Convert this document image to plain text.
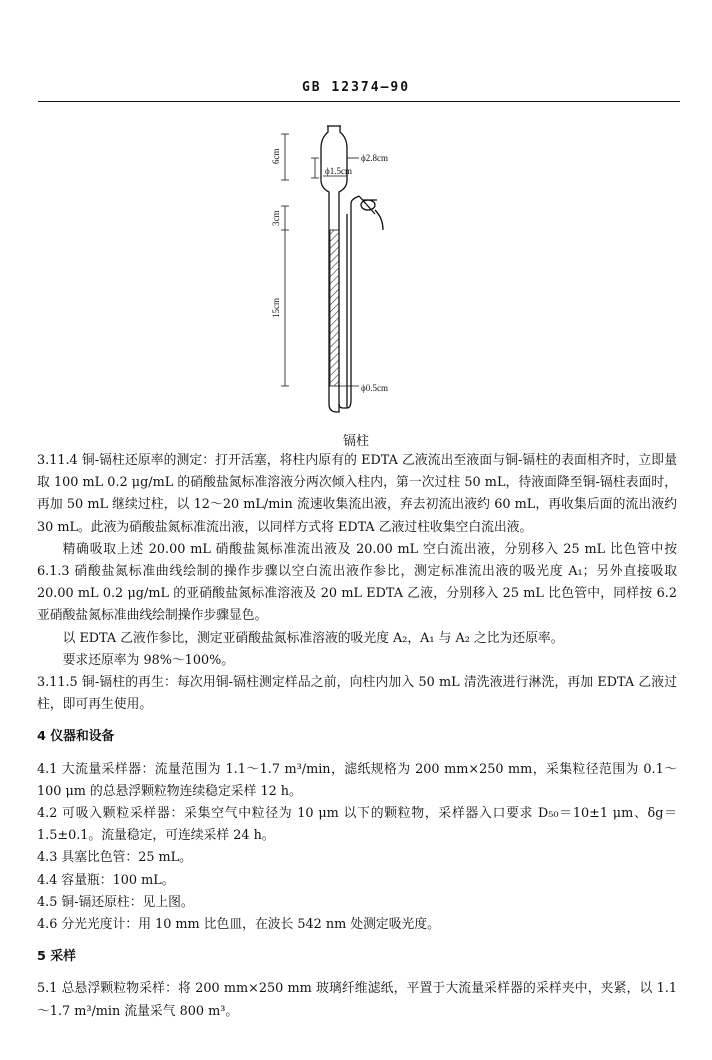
GB 12374—90
ϕ2.8cm
ϕ1.5cm
ϕ0.5cm
6cm
3cm
15cm
镉柱

3.11.4 铜-镉柱还原率的测定：打开活塞，将柱内原有的 EDTA 乙液流出至液面与铜-镉柱的表面相齐时，立即量取 100 mL 0.2 μg/mL 的硝酸盐氮标准溶液分两次倾入柱内，第一次过柱 50 mL，待液面降至铜-镉柱表面时，再加 50 mL 继续过柱，以 12～20 mL/min 流速收集流出液，弃去初流出液约 60 mL，再收集后面的流出液约 30 mL。此液为硝酸盐氮标准流出液，以同样方式将 EDTA 乙液过柱收集空白流出液。

精确吸取上述 20.00 mL 硝酸盐氮标准流出液及 20.00 mL 空白流出液，分别移入 25 mL 比色管中按 6.1.3 硝酸盐氮标准曲线绘制的操作步骤以空白流出液作参比，测定标准流出液的吸光度 A₁；另外直接吸取 20.00 mL 0.2 μg/mL 的亚硝酸盐氮标准溶液及 20 mL EDTA 乙液，分别移入 25 mL 比色管中，同样按 6.2 亚硝酸盐氮标准曲线绘制操作步骤显色。

以 EDTA 乙液作参比，测定亚硝酸盐氮标准溶液的吸光度 A₂，A₁ 与 A₂ 之比为还原率。

要求还原率为 98%～100%。

3.11.5 铜-镉柱的再生：每次用铜-镉柱测定样品之前，向柱内加入 50 mL 清洗液进行淋洗，再加 EDTA 乙液过柱，即可再生使用。

4 仪器和设备

4.1 大流量采样器：流量范围为 1.1～1.7 m³/min，滤纸规格为 200 mm×250 mm，采集粒径范围为 0.1～100 μm 的总悬浮颗粒物连续稳定采样 12 h。

4.2 可吸入颗粒采样器：采集空气中粒径为 10 μm 以下的颗粒物，采样器入口要求 D₅₀＝10±1 μm、δg＝1.5±0.1。流量稳定，可连续采样 24 h。

4.3 具塞比色管：25 mL。

4.4 容量瓶：100 mL。

4.5 铜-镉还原柱：见上图。

4.6 分光光度计：用 10 mm 比色皿，在波长 542 nm 处测定吸光度。

5 采样

5.1 总悬浮颗粒物采样：将 200 mm×250 mm 玻璃纤维滤纸，平置于大流量采样器的采样夹中，夹紧，以 1.1～1.7 m³/min 流量采气 800 m³。
